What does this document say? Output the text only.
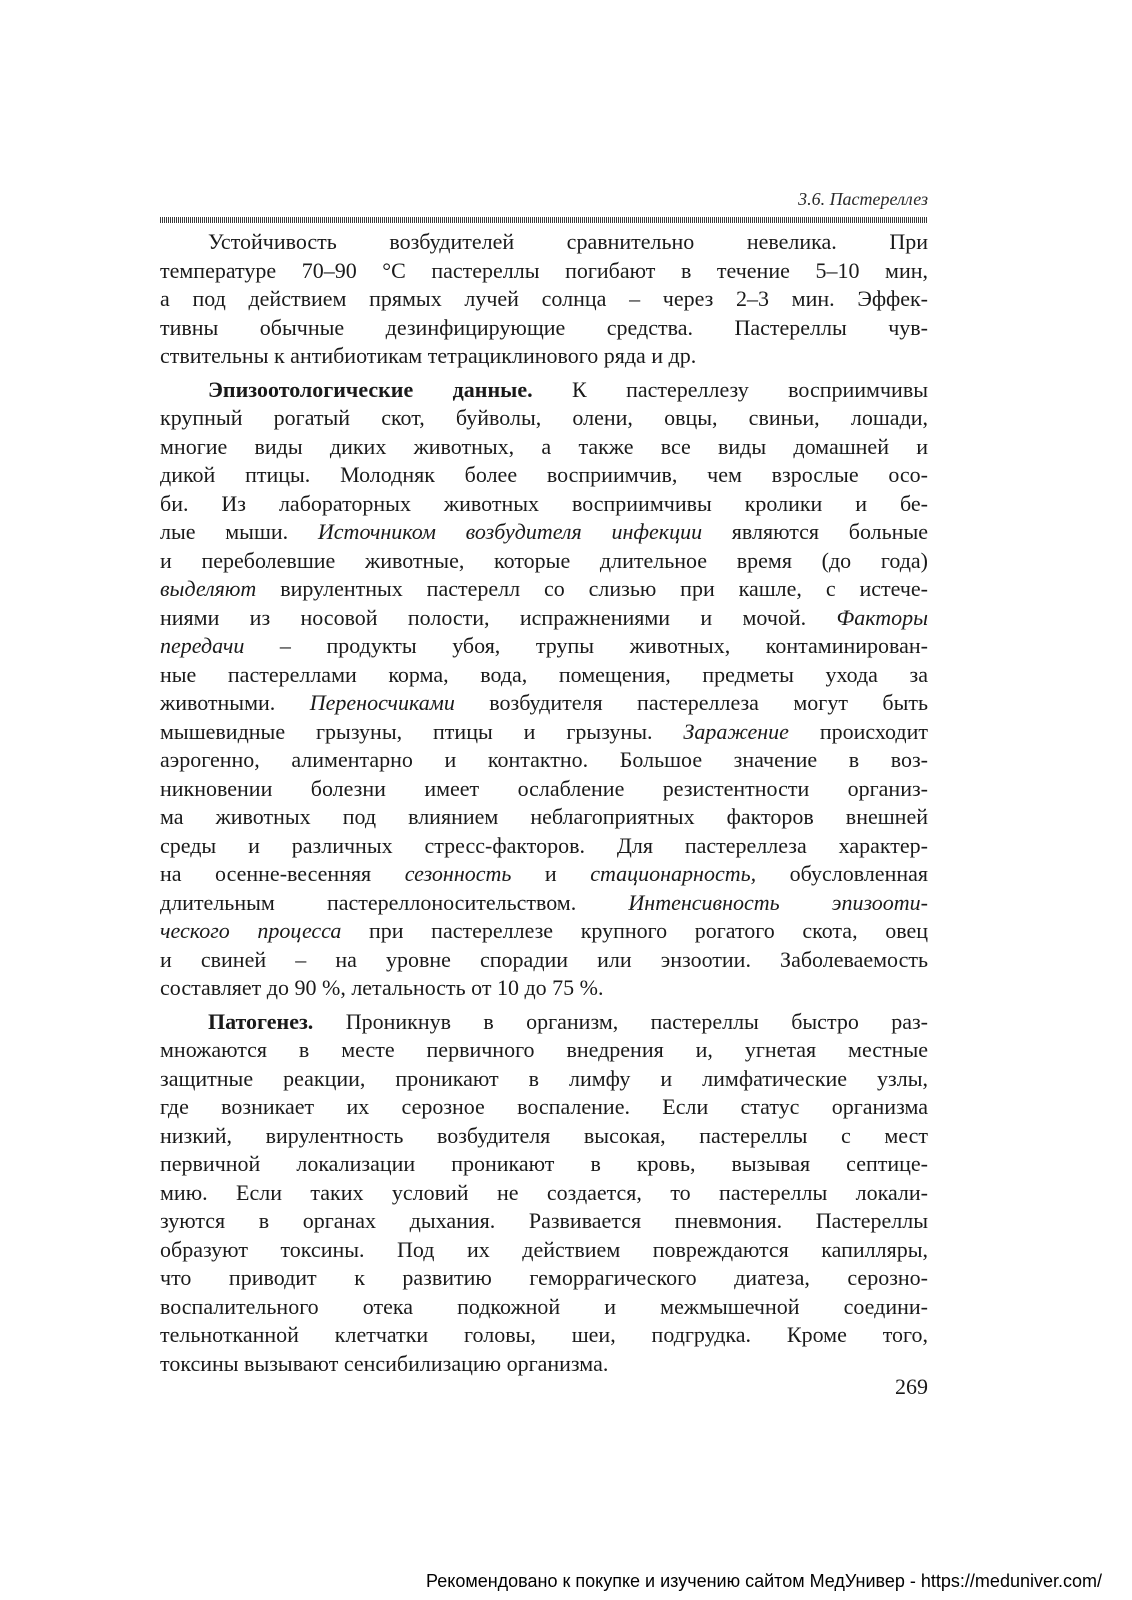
3.6. Пастереллез

Устойчивость возбудителей сравнительно невелика. При
температуре 70–90 °С пастереллы погибают в течение 5–10 мин,
а под действием прямых лучей солнца – через 2–3 мин. Эффек-
тивны обычные дезинфицирующие средства. Пастереллы чув-
ствительны к антибиотикам тетрациклинового ряда и др.

Эпизоотологические данные. К пастереллезу восприимчивы
крупный рогатый скот, буйволы, олени, овцы, свиньи, лошади,
многие виды диких животных, а также все виды домашней и
дикой птицы. Молодняк более восприимчив, чем взрослые осо-
би. Из лабораторных животных восприимчивы кролики и бе-
лые мыши. Источником возбудителя инфекции являются больные
и переболевшие животные, которые длительное время (до года)
выделяют вирулентных пастерелл со слизью при кашле, с истече-
ниями из носовой полости, испражнениями и мочой. Факторы
передачи – продукты убоя, трупы животных, контаминирован-
ные пастереллами корма, вода, помещения, предметы ухода за
животными. Переносчиками возбудителя пастереллеза могут быть
мышевидные грызуны, птицы и грызуны. Заражение происходит
аэрогенно, алиментарно и контактно. Большое значение в воз-
никновении болезни имеет ослабление резистентности организ-
ма животных под влиянием неблагоприятных факторов внешней
среды и различных стресс-факторов. Для пастереллеза характер-
на осенне-весенняя сезонность и стационарность, обусловленная
длительным пастереллоносительством. Интенсивность эпизооти-
ческого процесса при пастереллезе крупного рогатого скота, овец
и свиней – на уровне спорадии или энзоотии. Заболеваемость
составляет до 90 %, летальность от 10 до 75 %.

Патогенез. Проникнув в организм, пастереллы быстро раз-
множаются в месте первичного внедрения и, угнетая местные
защитные реакции, проникают в лимфу и лимфатические узлы,
где возникает их серозное воспаление. Если статус организма
низкий, вирулентность возбудителя высокая, пастереллы с мест
первичной локализации проникают в кровь, вызывая септице-
мию. Если таких условий не создается, то пастереллы локали-
зуются в органах дыхания. Развивается пневмония. Пастереллы
образуют токсины. Под их действием повреждаются капилляры,
что приводит к развитию геморрагического диатеза, серозно-
воспалительного отека подкожной и межмышечной соедини-
тельнотканной клетчатки головы, шеи, подгрудка. Кроме того,
токсины вызывают сенсибилизацию организма.

269
Рекомендовано к покупке и изучению сайтом МедУнивер - https://meduniver.com/
